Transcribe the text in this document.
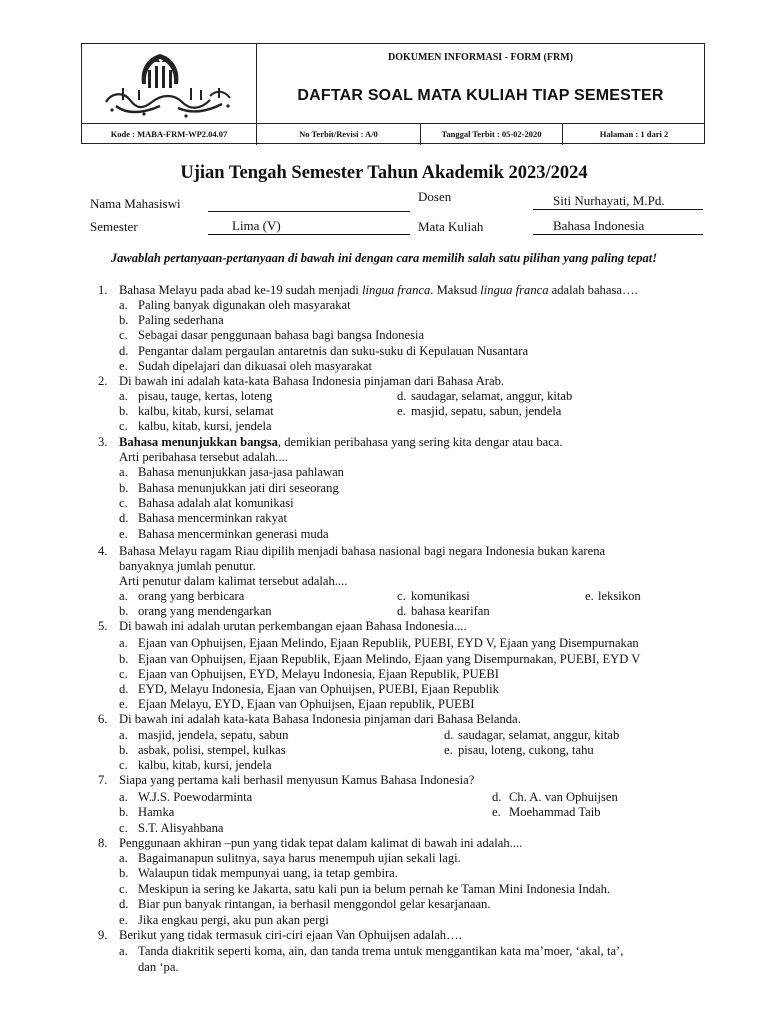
DOKUMEN INFORMASI - FORM (FRM)
DAFTAR SOAL MATA KULIAH TIAP SEMESTER
Kode : MABA-FRM-WP2.04.07	No Terbit/Revisi : A/0	Tanggal Terbit : 05-02-2020	Halaman : 1 dari 2
Ujian Tengah Semester Tahun Akademik 2023/2024
Nama Mahasiswi	Dosen	Siti Nurhayati, M.Pd.
Semester	Lima (V)	Mata Kuliah	Bahasa Indonesia
Jawablah pertanyaan-pertanyaan di bawah ini dengan cara memilih salah satu pilihan yang paling tepat!
1. Bahasa Melayu pada abad ke-19 sudah menjadi lingua franca. Maksud lingua franca adalah bahasa….
a. Paling banyak digunakan oleh masyarakat
b. Paling sederhana
c. Sebagai dasar penggunaan bahasa bagi bangsa Indonesia
d. Pengantar dalam pergaulan antaretnis dan suku-suku di Kepulauan Nusantara
e. Sudah dipelajari dan dikuasai oleh masyarakat
2. Di bawah ini adalah kata-kata Bahasa Indonesia pinjaman dari Bahasa Arab.
a. pisau, tauge, kertas, loteng	d. saudagar, selamat, anggur, kitab
b. kalbu, kitab, kursi, selamat	e. masjid, sepatu, sabun, jendela
c. kalbu, kitab, kursi, jendela
3. Bahasa menunjukkan bangsa, demikian peribahasa yang sering kita dengar atau baca.
Arti peribahasa tersebut adalah....
a. Bahasa menunjukkan jasa-jasa pahlawan
b. Bahasa menunjukkan jati diri seseorang
c. Bahasa adalah alat komunikasi
d. Bahasa mencerminkan rakyat
e. Bahasa mencerminkan generasi muda
4. Bahasa Melayu ragam Riau dipilih menjadi bahasa nasional bagi negara Indonesia bukan karena
banyaknya jumlah penutur.
Arti penutur dalam kalimat tersebut adalah....
a. orang yang berbicara	c. komunikasi	e. leksikon
b. orang yang mendengarkan	d. bahasa kearifan
5. Di bawah ini adalah urutan perkembangan ejaan Bahasa Indonesia....
a. Ejaan van Ophuijsen, Ejaan Melindo, Ejaan Republik, PUEBI, EYD V, Ejaan yang Disempurnakan
b. Ejaan van Ophuijsen, Ejaan Republik, Ejaan Melindo, Ejaan yang Disempurnakan, PUEBI, EYD V
c. Ejaan van Ophuijsen, EYD, Melayu Indonesia, Ejaan Republik, PUEBI
d. EYD, Melayu Indonesia, Ejaan van Ophuijsen, PUEBI, Ejaan Republik
e. Ejaan Melayu, EYD, Ejaan van Ophuijsen, Ejaan republik, PUEBI
6. Di bawah ini adalah kata-kata Bahasa Indonesia pinjaman dari Bahasa Belanda.
a. masjid, jendela, sepatu, sabun	d. saudagar, selamat, anggur, kitab
b. asbak, polisi, stempel, kulkas	e. pisau, loteng, cukong, tahu
c. kalbu, kitab, kursi, jendela
7. Siapa yang pertama kali berhasil menyusun Kamus Bahasa Indonesia?
a. W.J.S. Poewodarminta	d. Ch. A. van Ophuijsen
b. Hamka	e. Moehammad Taib
c. S.T. Alisyahbana
8. Penggunaan akhiran –pun yang tidak tepat dalam kalimat di bawah ini adalah....
a. Bagaimanapun sulitnya, saya harus menempuh ujian sekali lagi.
b. Walaupun tidak mempunyai uang, ia tetap gembira.
c. Meskipun ia sering ke Jakarta, satu kali pun ia belum pernah ke Taman Mini Indonesia Indah.
d. Biar pun banyak rintangan, ia berhasil menggondol gelar kesarjanaan.
e. Jika engkau pergi, aku pun akan pergi
9. Berikut yang tidak termasuk ciri-ciri ejaan Van Ophuijsen adalah….
a. Tanda diakritik seperti koma, ain, dan tanda trema untuk menggantikan kata ma’moer, ‘akal, ta’,
dan ‘pa.
